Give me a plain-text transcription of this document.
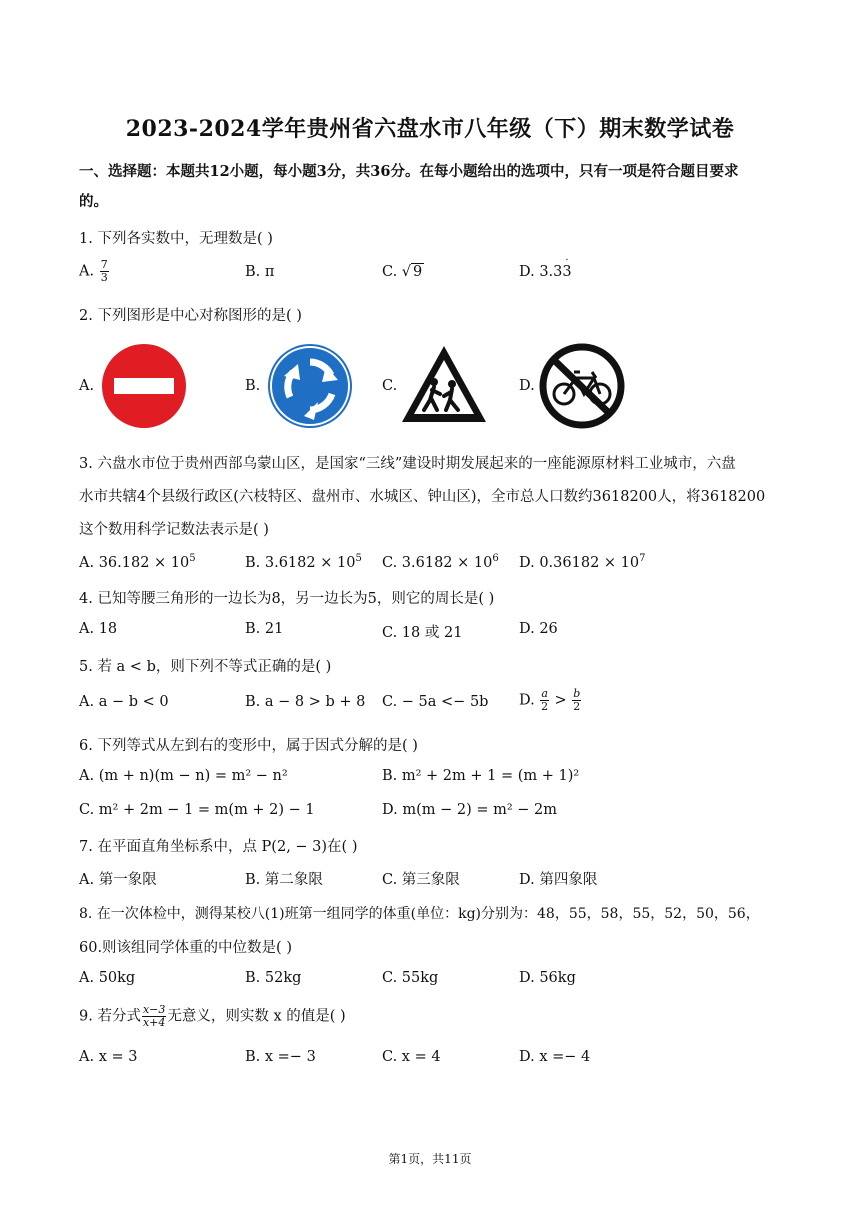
2023-2024学年贵州省六盘水市八年级（下）期末数学试卷
一、选择题：本题共12小题，每小题3分，共36分。在每小题给出的选项中，只有一项是符合题目要求
的。
1. 下列各实数中，无理数是( )
A. $\frac{7}{3}$	B. π	C. √ 9	D. 3.3
·
3
2. 下列图形是中心对称图形的是( )
A.	B.	C.	D.
3. 六盘水市位于贵州西部乌蒙山区，是国家“三线”建设时期发展起来的一座能源原材料工业城市，六盘
水市共辖4个县级行政区(六枝特区、盘州市、水城区、钟山区)，全市总人口数约3618200人，将3618200
这个数用科学记数法表示是( )
A. $36.182 \times 10^5$	B. $3.6182 \times 10^5$ C. $3.6182 \times 10^6$ D. $0.36182 \times 10^7$
4. 已知等腰三角形的一边长为8，另一边长为5，则它的周长是( )
A. 18	B. 21	C. 18 或 21	D. 26
5. 若 a < b，则下列不等式正确的是( )
A. a − b < 0	B. a − 8 > b + 8 C. − 5a <− 5b D. $\frac{a}{2} > \frac{b}{2}$
6. 下列等式从左到右的变形中，属于因式分解的是( )
A. (m + n)(m − n) = m² − n²	B. m² + 2m + 1 = (m + 1)²
C. m² + 2m − 1 = m(m + 2) − 1	D. m(m − 2) = m² − 2m
7. 在平面直角坐标系中，点 P(2, − 3)在( )
A. 第一象限	B. 第二象限	C. 第三象限	D. 第四象限
8. 在一次体检中，测得某校八(1)班第一组同学的体重(单位：kg)分别为：48，55，58，55，52，50，56，
60.则该组同学体重的中位数是( )
A. 50kg	B. 52kg	C. 55kg	D. 56kg
9. 若分式 $\frac{x-3}{x+4}$ 无意义，则实数 x 的值是( )
A. x = 3	B. x =− 3	C. x = 4	D. x =− 4
第1页，共11页
